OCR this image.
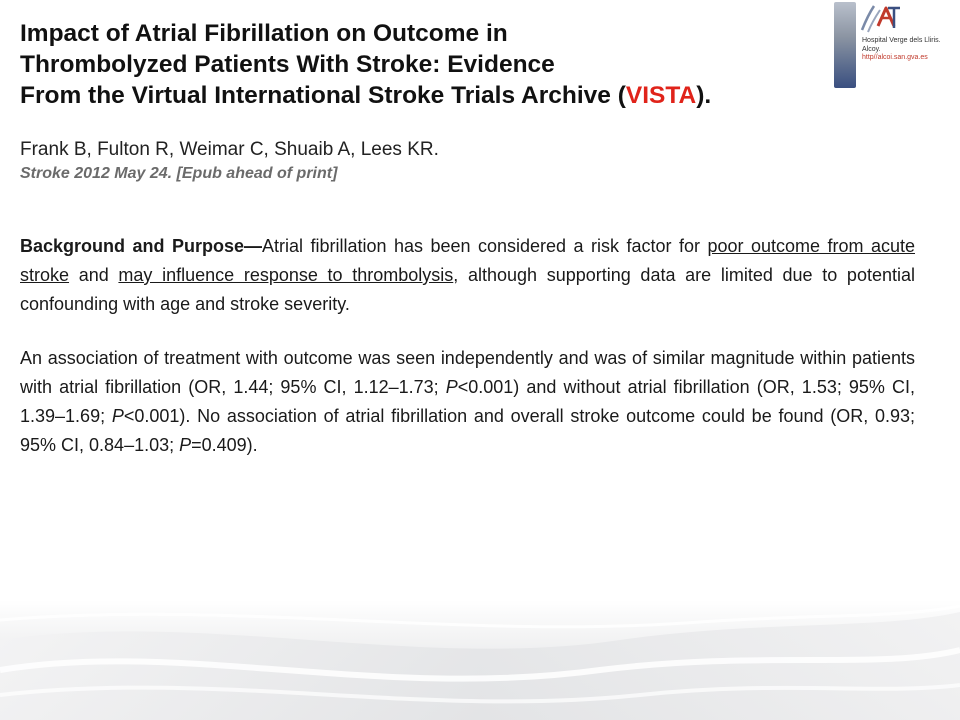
Hospital Verge dels Lliris.
Alcoy.
http//alcoi.san.gva.es
Impact of Atrial Fibrillation on Outcome in
Thrombolyzed Patients With Stroke: Evidence
From the Virtual International Stroke Trials Archive (VISTA).
Frank B, Fulton R, Weimar C, Shuaib A, Lees KR.
Stroke 2012 May 24. [Epub ahead of print]

Background and Purpose—Atrial fibrillation has been considered a risk factor for poor outcome from acute stroke and may influence response to thrombolysis, although supporting data are limited due to potential confounding with age and stroke severity.

An association of treatment with outcome was seen independently and was of similar magnitude within patients with atrial fibrillation (OR, 1.44; 95% CI, 1.12–1.73; P<0.001) and without atrial fibrillation (OR, 1.53; 95% CI, 1.39–1.69; P<0.001). No association of atrial fibrillation and overall stroke outcome could be found (OR, 0.93; 95% CI, 0.84–1.03; P=0.409).
